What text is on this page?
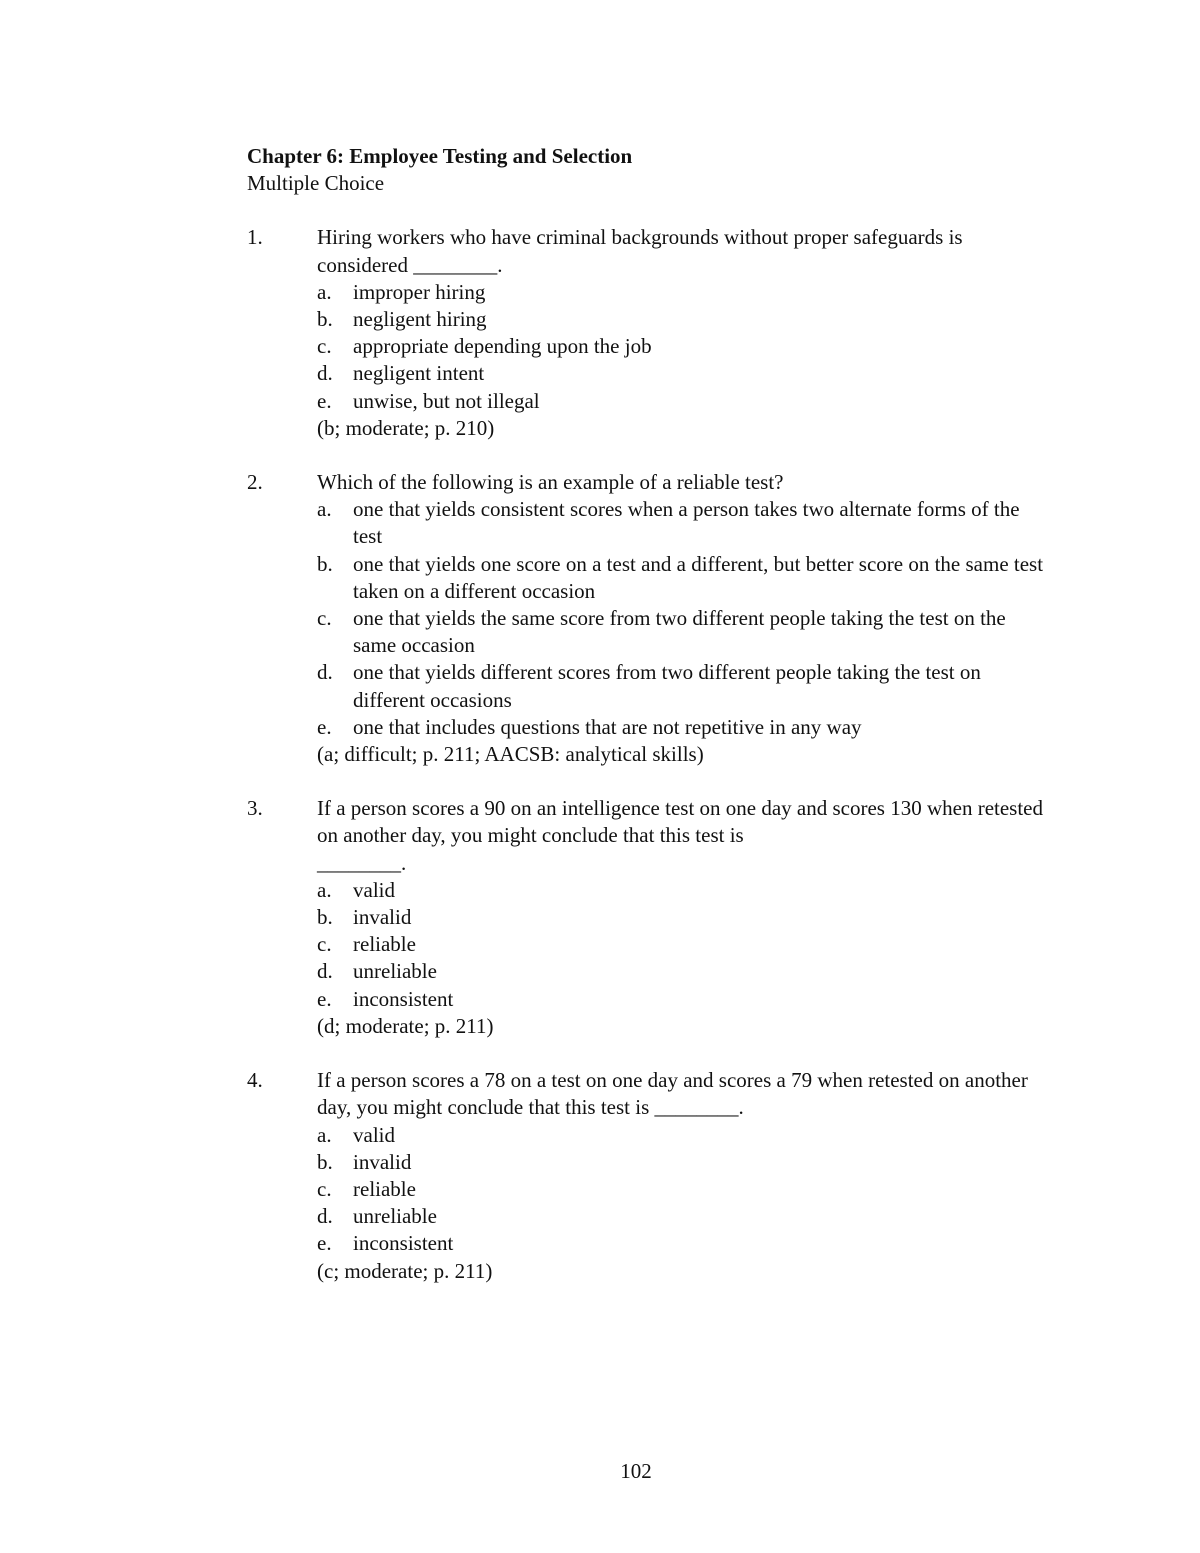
Chapter 6: Employee Testing and Selection

Multiple Choice

1.	Hiring workers who have criminal backgrounds without proper safeguards is considered ________.

a.	improper hiring
b. negligent hiring
c.	appropriate depending upon the job
d. negligent intent
e.	unwise, but not illegal

(b; moderate; p. 210)

2.	Which of the following is an example of a reliable test?

a.	one that yields consistent scores when a person takes two alternate forms of the test
b. one that yields one score on a test and a different, but better score on the same test taken on a different occasion
c.	one that yields the same score from two different people taking the test on the same occasion
d. one that yields different scores from two different people taking the test on different occasions
e.	one that includes questions that are not repetitive in any way

(a; difficult; p. 211; AACSB: analytical skills)

3.	If a person scores a 90 on an intelligence test on one day and scores 130 when retested on another day, you might conclude that this test is

________.

a.	valid
b. invalid
c.	reliable
d. unreliable
e.	inconsistent

(d; moderate; p. 211)

4.	If a person scores a 78 on a test on one day and scores a 79 when retested on another day, you might conclude that this test is ________.

a.	valid
b. invalid
c.	reliable
d. unreliable
e.	inconsistent

(c; moderate; p. 211)

102
